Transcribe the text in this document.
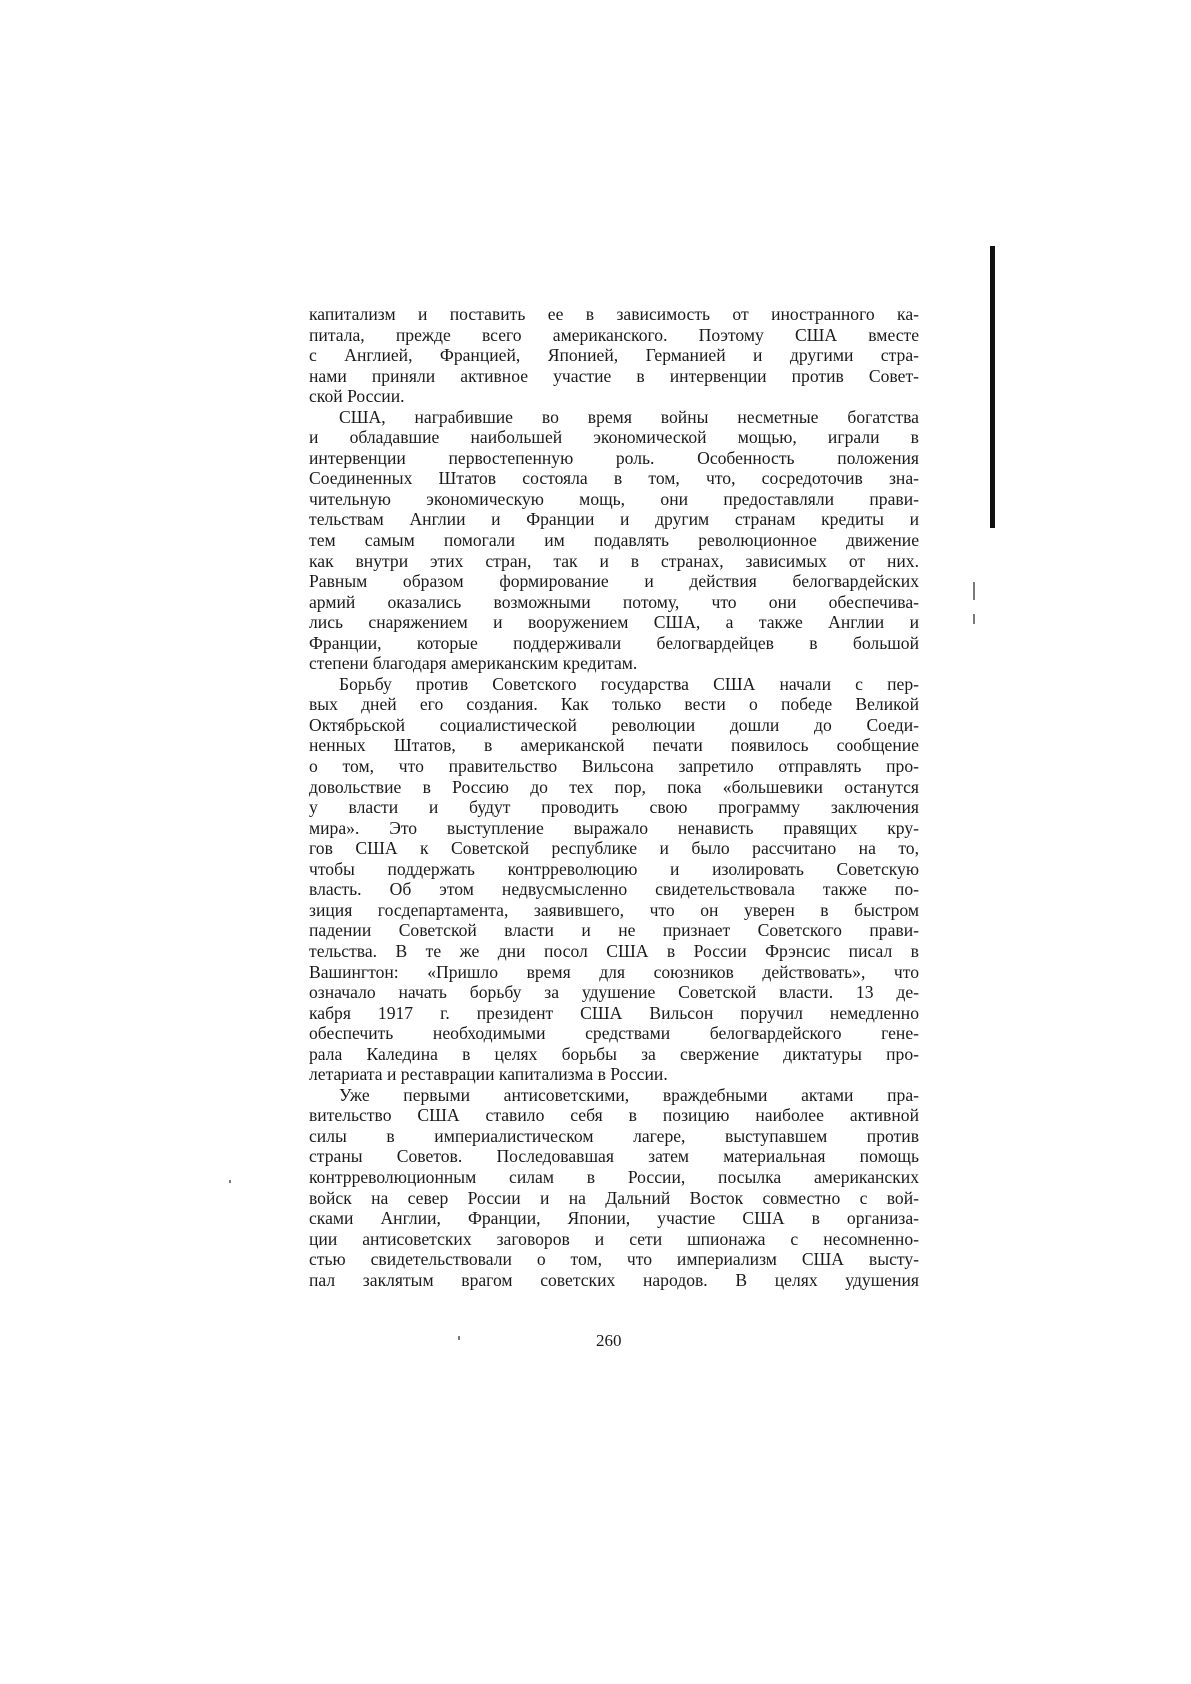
капитализм и поставить ее в зависимость от иностранного ка-
питала, прежде всего американского. Поэтому США вместе
с Англией, Францией, Японией, Германией и другими стра-
нами приняли активное участие в интервенции против Совет-
ской России.

США, награбившие во время войны несметные богатства
и обладавшие наибольшей экономической мощью, играли в
интервенции первостепенную роль. Особенность положения
Соединенных Штатов состояла в том, что, сосредоточив зна-
чительную экономическую мощь, они предоставляли прави-
тельствам Англии и Франции и другим странам кредиты и
тем самым помогали им подавлять революционное движение
как внутри этих стран, так и в странах, зависимых от них.
Равным образом формирование и действия белогвардейских
армий оказались возможными потому, что они обеспечива-
лись снаряжением и вооружением США, а также Англии и
Франции, которые поддерживали белогвардейцев в большой
степени благодаря американским кредитам.

Борьбу против Советского государства США начали с пер-
вых дней его создания. Как только вести о победе Великой
Октябрьской социалистической революции дошли до Соеди-
ненных Штатов, в американской печати появилось сообщение
о том, что правительство Вильсона запретило отправлять про-
довольствие в Россию до тех пор, пока «большевики останутся
у власти и будут проводить свою программу заключения
мира». Это выступление выражало ненависть правящих кру-
гов США к Советской республике и было рассчитано на то,
чтобы поддержать контрреволюцию и изолировать Советскую
власть. Об этом недвусмысленно свидетельствовала также по-
зиция госдепартамента, заявившего, что он уверен в быстром
падении Советской власти и не признает Советского прави-
тельства. В те же дни посол США в России Фрэнсис писал в
Вашингтон: «Пришло время для союзников действовать», что
означало начать борьбу за удушение Советской власти. 13 де-
кабря 1917 г. президент США Вильсон поручил немедленно
обеспечить необходимыми средствами белогвардейского гене-
рала Каледина в целях борьбы за свержение диктатуры про-
летариата и реставрации капитализма в России.

Уже первыми антисоветскими, враждебными актами пра-
вительство США ставило себя в позицию наиболее активной
силы в империалистическом лагере, выступавшем против
страны Советов. Последовавшая затем материальная помощь
контрреволюционным силам в России, посылка американских
войск на север России и на Дальний Восток совместно с вой-
сками Англии, Франции, Японии, участие США в организа-
ции антисоветских заговоров и сети шпионажа с несомненно-
стью свидетельствовали о том, что империализм США высту-
пал заклятым врагом советских народов. В целях удушения

260
